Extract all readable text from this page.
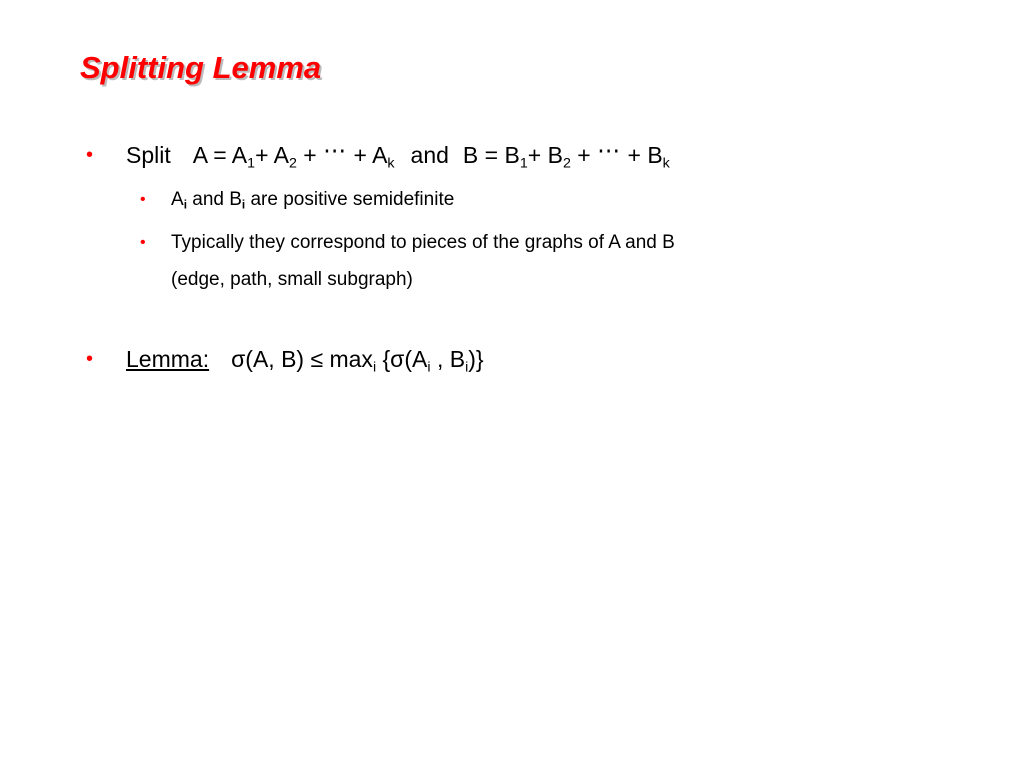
Splitting Lemma
• Split $A = A_1+ A_2$ + ⋯ + $A_k$ and $B = B_1+ B_2$ + ⋯ + $B_k$
• $A_i$ and $B_i$ are positive semidefinite
• Typically they correspond to pieces of the graphs of A and B
(edge, path, small subgraph)
• Lemma: σ(A, $B) \le \max_i \{\sigma(A_i$ , $B_i$)}
